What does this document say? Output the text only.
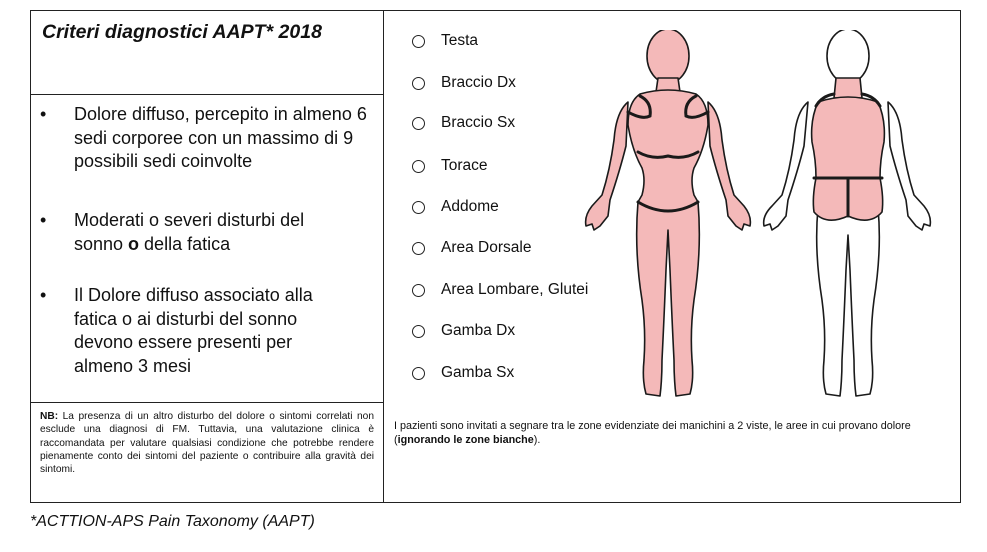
Criteri diagnostici AAPT* 2018
• Dolore diffuso, percepito in almeno 6 sedi corporee con un massimo di 9 possibili sedi coinvolte
• Moderati o severi disturbi del sonno o della fatica
• Il Dolore diffuso associato alla fatica o ai disturbi del sonno devono essere presenti per almeno 3 mesi
NB: La presenza di un altro disturbo del dolore o sintomi correlati non esclude una diagnosi di FM. Tuttavia, una valutazione clinica è raccomandata per valutare qualsiasi condizione che potrebbe rendere pienamente conto dei sintomi del paziente o contribuire alla gravità dei sintomi.
Testa
Braccio Dx
Braccio Sx
Torace
Addome
Area Dorsale
Area Lombare, Glutei
Gamba Dx
Gamba Sx
I pazienti sono invitati a segnare tra le zone evidenziate dei manichini a 2 viste, le aree in cui provano dolore (ignorando le zone bianche).
*ACTTION-APS Pain Taxonomy (AAPT)
